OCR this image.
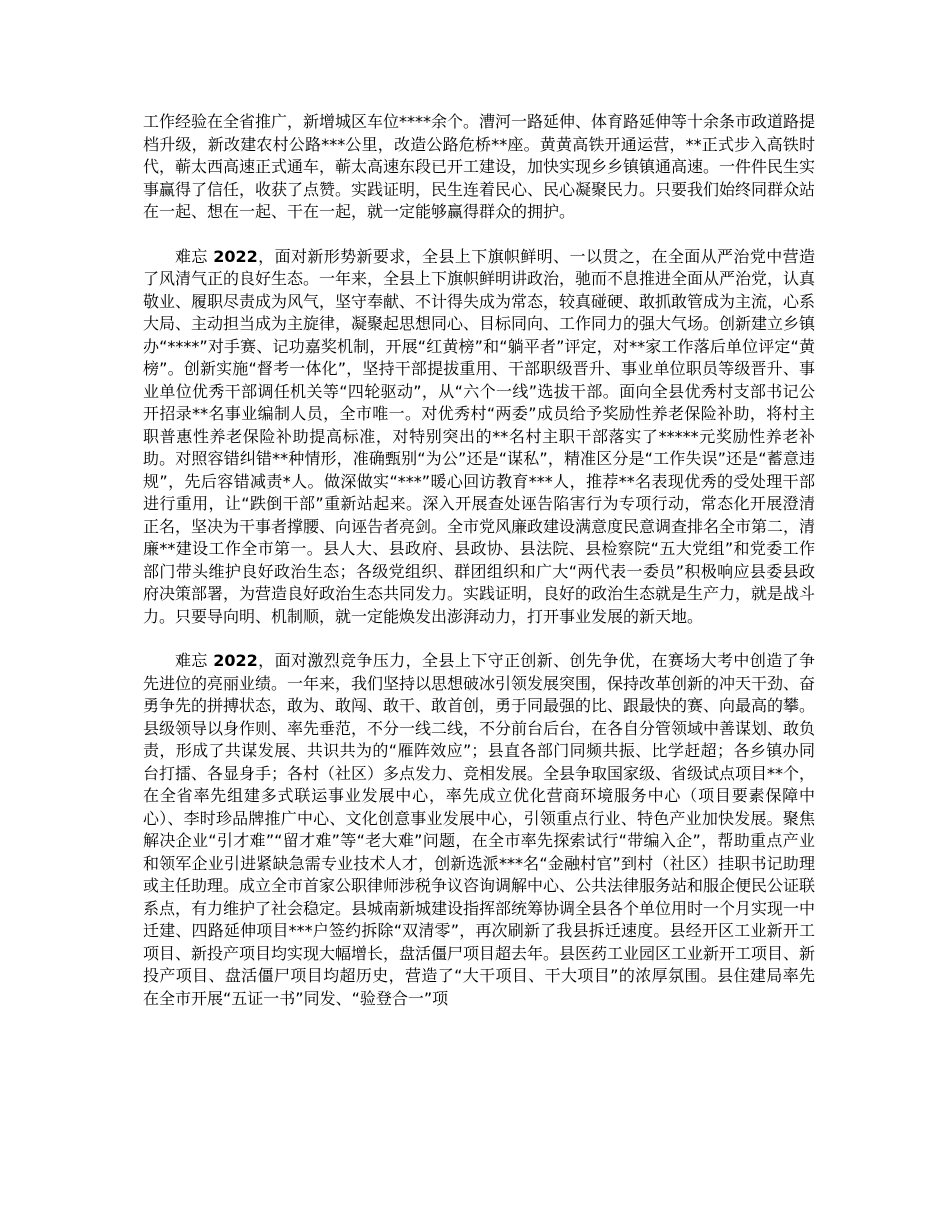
工作经验在全省推广，新增城区车位****余个。漕河一路延伸、体育路延伸等十余条市政道路提档升级，新改建农村公路***公里，改造公路危桥**座。黄黄高铁开通运营，**正式步入高铁时代，蕲太西高速正式通车，蕲太高速东段已开工建设，加快实现乡乡镇镇通高速。一件件民生实事赢得了信任，收获了点赞。实践证明，民生连着民心、民心凝聚民力。只要我们始终同群众站在一起、想在一起、干在一起，就一定能够赢得群众的拥护。

难忘 2022，面对新形势新要求，全县上下旗帜鲜明、一以贯之，在全面从严治党中营造了风清气正的良好生态。一年来，全县上下旗帜鲜明讲政治，驰而不息推进全面从严治党，认真敬业、履职尽责成为风气，坚守奉献、不计得失成为常态，较真碰硬、敢抓敢管成为主流，心系大局、主动担当成为主旋律，凝聚起思想同心、目标同向、工作同力的强大气场。创新建立乡镇办“****”对手赛、记功嘉奖机制，开展“红黄榜”和“躺平者”评定，对**家工作落后单位评定“黄榜”。创新实施“督考一体化”，坚持干部提拔重用、干部职级晋升、事业单位职员等级晋升、事业单位优秀干部调任机关等“四轮驱动”，从“六个一线”选拔干部。面向全县优秀村支部书记公开招录**名事业编制人员，全市唯一。对优秀村“两委”成员给予奖励性养老保险补助，将村主职普惠性养老保险补助提高标准，对特别突出的**名村主职干部落实了*****元奖励性养老补助。对照容错纠错**种情形，准确甄别“为公”还是“谋私”，精准区分是“工作失误”还是“蓄意违规”，先后容错减责*人。做深做实“***”暖心回访教育***人，推荐**名表现优秀的受处理干部进行重用，让“跌倒干部”重新站起来。深入开展查处诬告陷害行为专项行动，常态化开展澄清正名，坚决为干事者撑腰、向诬告者亮剑。全市党风廉政建设满意度民意调查排名全市第二，清廉**建设工作全市第一。县人大、县政府、县政协、县法院、县检察院“五大党组”和党委工作部门带头维护良好政治生态；各级党组织、群团组织和广大“两代表一委员”积极响应县委县政府决策部署，为营造良好政治生态共同发力。实践证明，良好的政治生态就是生产力，就是战斗力。只要导向明、机制顺，就一定能焕发出澎湃动力，打开事业发展的新天地。

难忘 2022，面对激烈竞争压力，全县上下守正创新、创先争优，在赛场大考中创造了争先进位的亮丽业绩。一年来，我们坚持以思想破冰引领发展突围，保持改革创新的冲天干劲、奋勇争先的拼搏状态，敢为、敢闯、敢干、敢首创，勇于同最强的比、跟最快的赛、向最高的攀。县级领导以身作则、率先垂范，不分一线二线，不分前台后台，在各自分管领域中善谋划、敢负责，形成了共谋发展、共识共为的“雁阵效应”；县直各部门同频共振、比学赶超；各乡镇办同台打擂、各显身手；各村（社区）多点发力、竞相发展。全县争取国家级、省级试点项目**个，在全省率先组建多式联运事业发展中心，率先成立优化营商环境服务中心（项目要素保障中心）、李时珍品牌推广中心、文化创意事业发展中心，引领重点行业、特色产业加快发展。聚焦解决企业“引才难”“留才难”等“老大难”问题，在全市率先探索试行“带编入企”，帮助重点产业和领军企业引进紧缺急需专业技术人才，创新选派***名“金融村官”到村（社区）挂职书记助理或主任助理。成立全市首家公职律师涉税争议咨询调解中心、公共法律服务站和服企便民公证联系点，有力维护了社会稳定。县城南新城建设指挥部统筹协调全县各个单位用时一个月实现一中迁建、四路延伸项目***户签约拆除“双清零”，再次刷新了我县拆迁速度。县经开区工业新开工项目、新投产项目均实现大幅增长，盘活僵尸项目超去年。县医药工业园区工业新开工项目、新投产项目、盘活僵尸项目均超历史，营造了“大干项目、干大项目”的浓厚氛围。县住建局率先在全市开展“五证一书”同发、“验登合一”项
